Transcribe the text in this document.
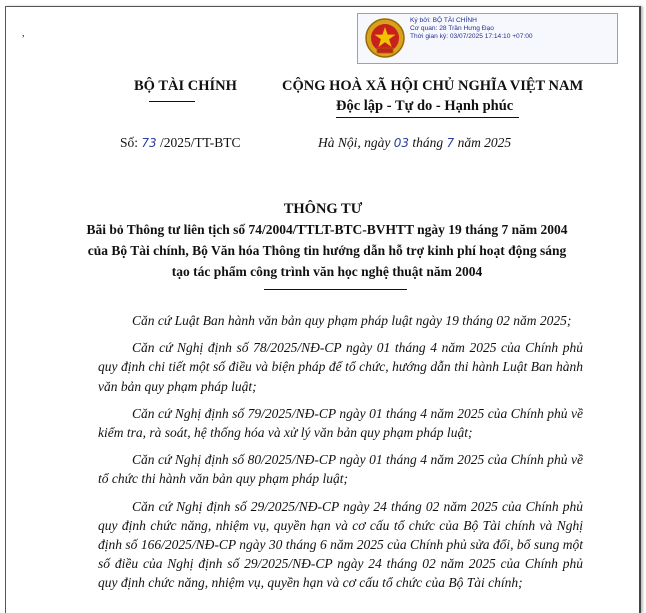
,
Ký bởi: BỘ TÀI CHÍNH
Cơ quan: 28 Trần Hưng Đạo
Thời gian ký: 03/07/2025 17:14:10 +07:00
BỘ TÀI CHÍNH	CỘNG HOÀ XÃ HỘI CHỦ NGHĨA VIỆT NAM
Độc lập - Tự do - Hạnh phúc
Số: 73 /2025/TT-BTC	Hà Nội, ngày 03 tháng 7 năm 2025
THÔNG TƯ
Bãi bỏ Thông tư liên tịch số 74/2004/TTLT-BTC-BVHTT ngày 19 tháng 7 năm 2004 của Bộ Tài chính, Bộ Văn hóa Thông tin hướng dẫn hỗ trợ kinh phí hoạt động sáng tạo tác phẩm công trình văn học nghệ thuật năm 2004

Căn cứ Luật Ban hành văn bản quy phạm pháp luật ngày 19 tháng 02 năm 2025;

Căn cứ Nghị định số 78/2025/NĐ-CP ngày 01 tháng 4 năm 2025 của Chính phủ quy định chi tiết một số điều và biện pháp để tổ chức, hướng dẫn thi hành Luật Ban hành văn bản quy phạm pháp luật;

Căn cứ Nghị định số 79/2025/NĐ-CP ngày 01 tháng 4 năm 2025 của Chính phủ về kiểm tra, rà soát, hệ thống hóa và xử lý văn bản quy phạm pháp luật;

Căn cứ Nghị định số 80/2025/NĐ-CP ngày 01 tháng 4 năm 2025 của Chính phủ về tổ chức thi hành văn bản quy phạm pháp luật;

Căn cứ Nghị định số 29/2025/NĐ-CP ngày 24 tháng 02 năm 2025 của Chính phủ quy định chức năng, nhiệm vụ, quyền hạn và cơ cấu tổ chức của Bộ Tài chính và Nghị định số 166/2025/NĐ-CP ngày 30 tháng 6 năm 2025 của Chính phủ sửa đổi, bổ sung một số điều của Nghị định số 29/2025/NĐ-CP ngày 24 tháng 02 năm 2025 của Chính phủ quy định chức năng, nhiệm vụ, quyền hạn và cơ cấu tổ chức của Bộ Tài chính;
